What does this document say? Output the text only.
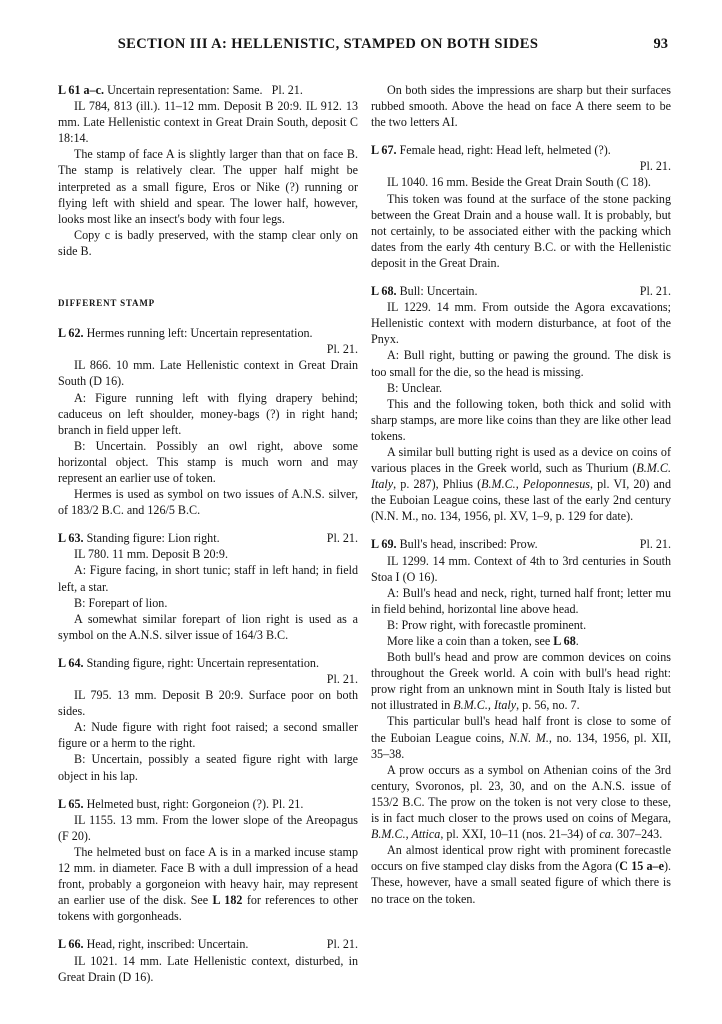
SECTION III A: HELLENISTIC, STAMPED ON BOTH SIDES	93

L 61 a–c. Uncertain representation: Same. Pl. 21.

IL 784, 813 (ill.). 11–12 mm. Deposit B 20:9. IL 912. 13 mm. Late Hellenistic context in Great Drain South, deposit C 18:14.

The stamp of face A is slightly larger than that on face B. The stamp is relatively clear. The upper half might be interpreted as a small figure, Eros or Nike (?) running or flying left with shield and spear. The lower half, however, looks most like an insect's body with four legs.

Copy c is badly preserved, with the stamp clear only on side B.

DIFFERENT STAMP

L 62. Hermes running left: Uncertain representation.
Pl. 21.

IL 866. 10 mm. Late Hellenistic context in Great Drain South (D 16).

A: Figure running left with flying drapery behind; caduceus on left shoulder, money-bags (?) in right hand; branch in field upper left.

B: Uncertain. Possibly an owl right, above some horizontal object. This stamp is much worn and may represent an earlier use of token.

Hermes is used as symbol on two issues of A.N.S. silver, of 183/2 B.C. and 126/5 B.C.

L 63. Standing figure: Lion right.	Pl. 21.

IL 780. 11 mm. Deposit B 20:9.

A: Figure facing, in short tunic; staff in left hand; in field left, a star.

B: Forepart of lion.

A somewhat similar forepart of lion right is used as a symbol on the A.N.S. silver issue of 164/3 B.C.

L 64. Standing figure, right: Uncertain representation.
Pl. 21.

IL 795. 13 mm. Deposit B 20:9. Surface poor on both sides.

A: Nude figure with right foot raised; a second smaller figure or a herm to the right.

B: Uncertain, possibly a seated figure right with large object in his lap.

L 65. Helmeted bust, right: Gorgoneion (?). Pl. 21.

IL 1155. 13 mm. From the lower slope of the Areopagus (F 20).

The helmeted bust on face A is in a marked incuse stamp 12 mm. in diameter. Face B with a dull impression of a head front, probably a gorgoneion with heavy hair, may represent an earlier use of the disk. See L 182 for references to other tokens with gorgonheads.

L 66. Head, right, inscribed: Uncertain.	Pl. 21.

IL 1021. 14 mm. Late Hellenistic context, disturbed, in Great Drain (D 16).

On both sides the impressions are sharp but their surfaces rubbed smooth. Above the head on face A there seem to be the two letters AI.

L 67. Female head, right: Head left, helmeted (?).
Pl. 21.

IL 1040. 16 mm. Beside the Great Drain South (C 18).

This token was found at the surface of the stone packing between the Great Drain and a house wall. It is probably, but not certainly, to be associated either with the packing which dates from the early 4th century B.C. or with the Hellenistic deposit in the Great Drain.

L 68. Bull: Uncertain.	Pl. 21.

IL 1229. 14 mm. From outside the Agora excavations; Hellenistic context with modern disturbance, at foot of the Pnyx.

A: Bull right, butting or pawing the ground. The disk is too small for the die, so the head is missing.

B: Unclear.

This and the following token, both thick and solid with sharp stamps, are more like coins than they are like other lead tokens.

A similar bull butting right is used as a device on coins of various places in the Greek world, such as Thurium (B.M.C. Italy, p. 287), Phlius (B.M.C., Peloponnesus, pl. VI, 20) and the Euboian League coins, these last of the early 2nd century (N.N. M., no. 134, 1956, pl. XV, 1–9, p. 129 for date).

L 69. Bull's head, inscribed: Prow.	Pl. 21.

IL 1299. 14 mm. Context of 4th to 3rd centuries in South Stoa I (O 16).

A: Bull's head and neck, right, turned half front; letter mu in field behind, horizontal line above head.

B: Prow right, with forecastle prominent.

More like a coin than a token, see L 68.

Both bull's head and prow are common devices on coins throughout the Greek world. A coin with bull's head right: prow right from an unknown mint in South Italy is listed but not illustrated in B.M.C., Italy, p. 56, no. 7.

This particular bull's head half front is close to some of the Euboian League coins, N.N. M., no. 134, 1956, pl. XII, 35–38.

A prow occurs as a symbol on Athenian coins of the 3rd century, Svoronos, pl. 23, 30, and on the A.N.S. issue of 153/2 B.C. The prow on the token is not very close to these, is in fact much closer to the prows used on coins of Megara, B.M.C., Attica, pl. XXI, 10–11 (nos. 21–34) of ca. 307–243.

An almost identical prow right with prominent forecastle occurs on five stamped clay disks from the Agora (C 15 a–e). These, however, have a small seated figure of which there is no trace on the token.
